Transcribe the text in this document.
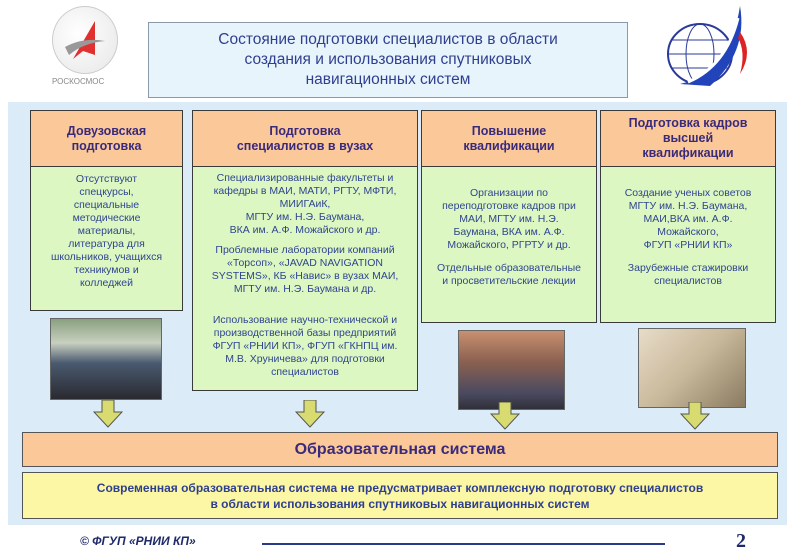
РОСКОСМОС
Состояние подготовки специалистов в области
создания и использования спутниковых
навигационных систем
Довузовская
подготовка

Отсутствуют
спецкурсы,
специальные
методические
материалы,
литература для
школьников, учащихся
техникумов и
колледжей

Подготовка
специалистов в вузах

Специализированные факультеты и
кафедры в МАИ, МАТИ, РГТУ, МФТИ,
МИИГАиК,
МГТУ им. Н.Э. Баумана,
ВКА им. А.Ф. Можайского и др.

Проблемные лаборатории компаний
«Торсоп», «JAVAD NAVIGATION
SYSTEMS», КБ «Навис» в вузах МАИ,
МГТУ им. Н.Э. Баумана и др.

Использование научно-технической и
производственной базы предприятий
ФГУП «РНИИ КП», ФГУП «ГКНПЦ им.
М.В. Хруничева» для подготовки
специалистов

Повышение
квалификации

Организации по
переподготовке кадров при
МАИ, МГТУ им. Н.Э.
Баумана, ВКА им. А.Ф.
Можайского, РГРТУ и др.

Отдельные образовательные
и просветительские лекции

Подготовка кадров
высшей
квалификации

Создание ученых советов
МГТУ им. Н.Э. Баумана,
МАИ,ВКА им. А.Ф.
Можайского,
ФГУП «РНИИ КП»

Зарубежные стажировки
специалистов

Образовательная система
Современная образовательная система не предусматривает комплексную подготовку специалистов
в области использования спутниковых навигационных систем
© ФГУП «РНИИ КП»	2
